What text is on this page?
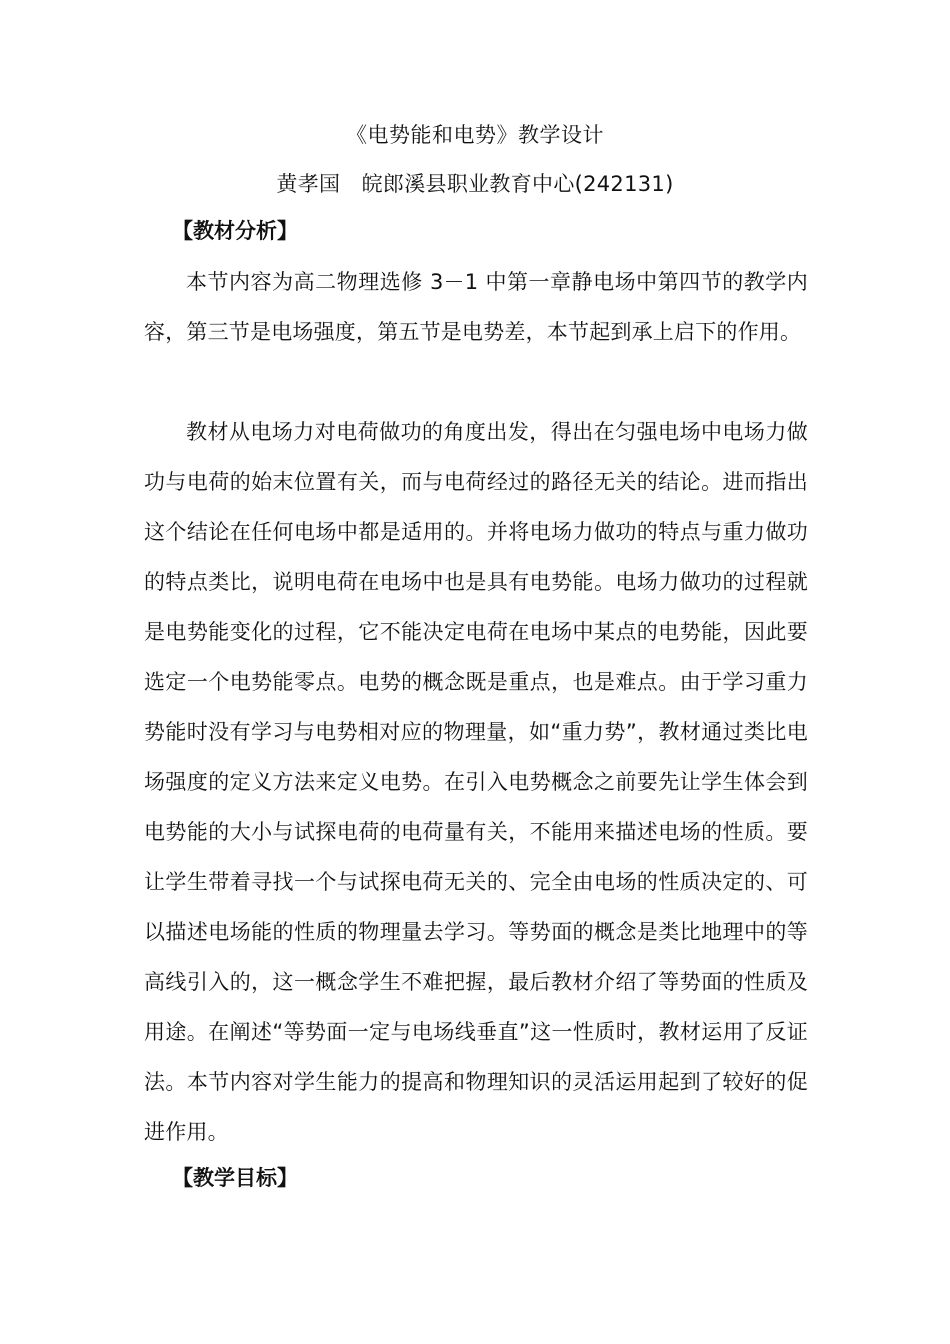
《电势能和电势》教学设计
黄孝国　皖郎溪县职业教育中心(242131)
【教材分析】

本节内容为高二物理选修 3－1 中第一章静电场中第四节的教学内容，第三节是电场强度，第五节是电势差，本节起到承上启下的作用。

教材从电场力对电荷做功的角度出发，得出在匀强电场中电场力做功与电荷的始末位置有关，而与电荷经过的路径无关的结论。进而指出这个结论在任何电场中都是适用的。并将电场力做功的特点与重力做功的特点类比，说明电荷在电场中也是具有电势能。电场力做功的过程就是电势能变化的过程，它不能决定电荷在电场中某点的电势能，因此要选定一个电势能零点。电势的概念既是重点，也是难点。由于学习重力势能时没有学习与电势相对应的物理量，如“重力势”，教材通过类比电场强度的定义方法来定义电势。在引入电势概念之前要先让学生体会到电势能的大小与试探电荷的电荷量有关，不能用来描述电场的性质。要让学生带着寻找一个与试探电荷无关的、完全由电场的性质决定的、可以描述电场能的性质的物理量去学习。等势面的概念是类比地理中的等高线引入的，这一概念学生不难把握，最后教材介绍了等势面的性质及用途。在阐述“等势面一定与电场线垂直”这一性质时，教材运用了反证法。本节内容对学生能力的提高和物理知识的灵活运用起到了较好的促进作用。

【教学目标】
